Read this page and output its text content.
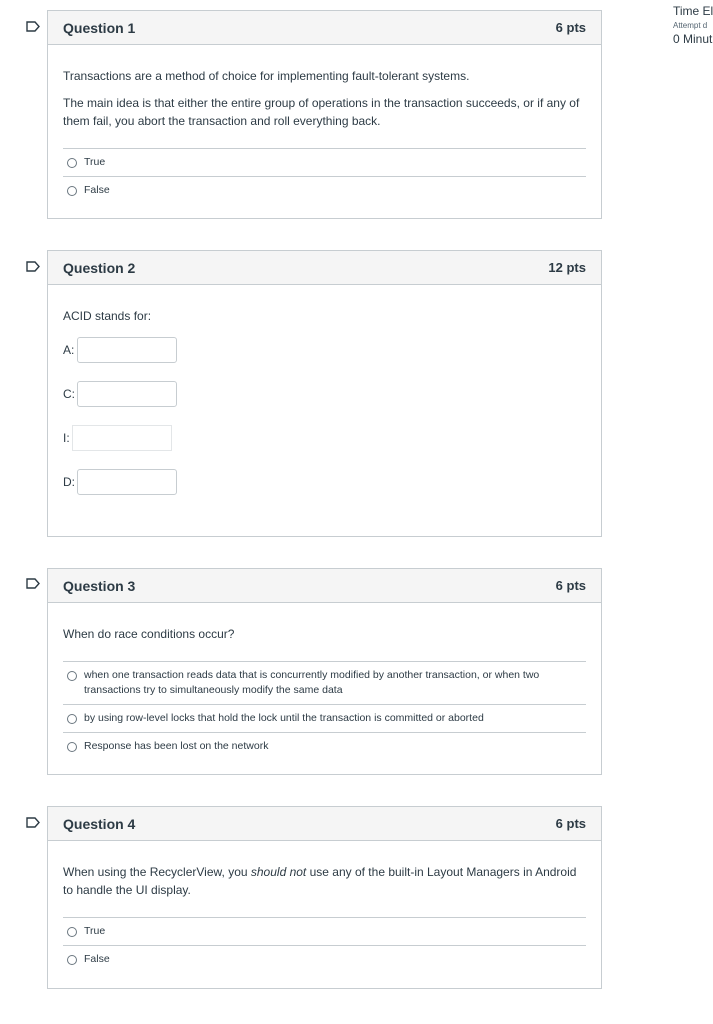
Time El
Attempt d
0 Minut
Question 1	6 pts

Transactions are a method of choice for implementing fault-tolerant systems.

The main idea is that either the entire group of operations in the transaction succeeds, or if any of them fail, you abort the transaction and roll everything back.

True
False
Question 2	12 pts

ACID stands for:

A:
C:
I:
D:
Question 3	6 pts

When do race conditions occur?

when one transaction reads data that is concurrently modified by another transaction, or when two transactions try to simultaneously modify the same data
by using row-level locks that hold the lock until the transaction is committed or aborted
Response has been lost on the network
Question 4	6 pts

When using the RecyclerView, you should not use any of the built-in Layout Managers in Android to handle the UI display.

True
False
